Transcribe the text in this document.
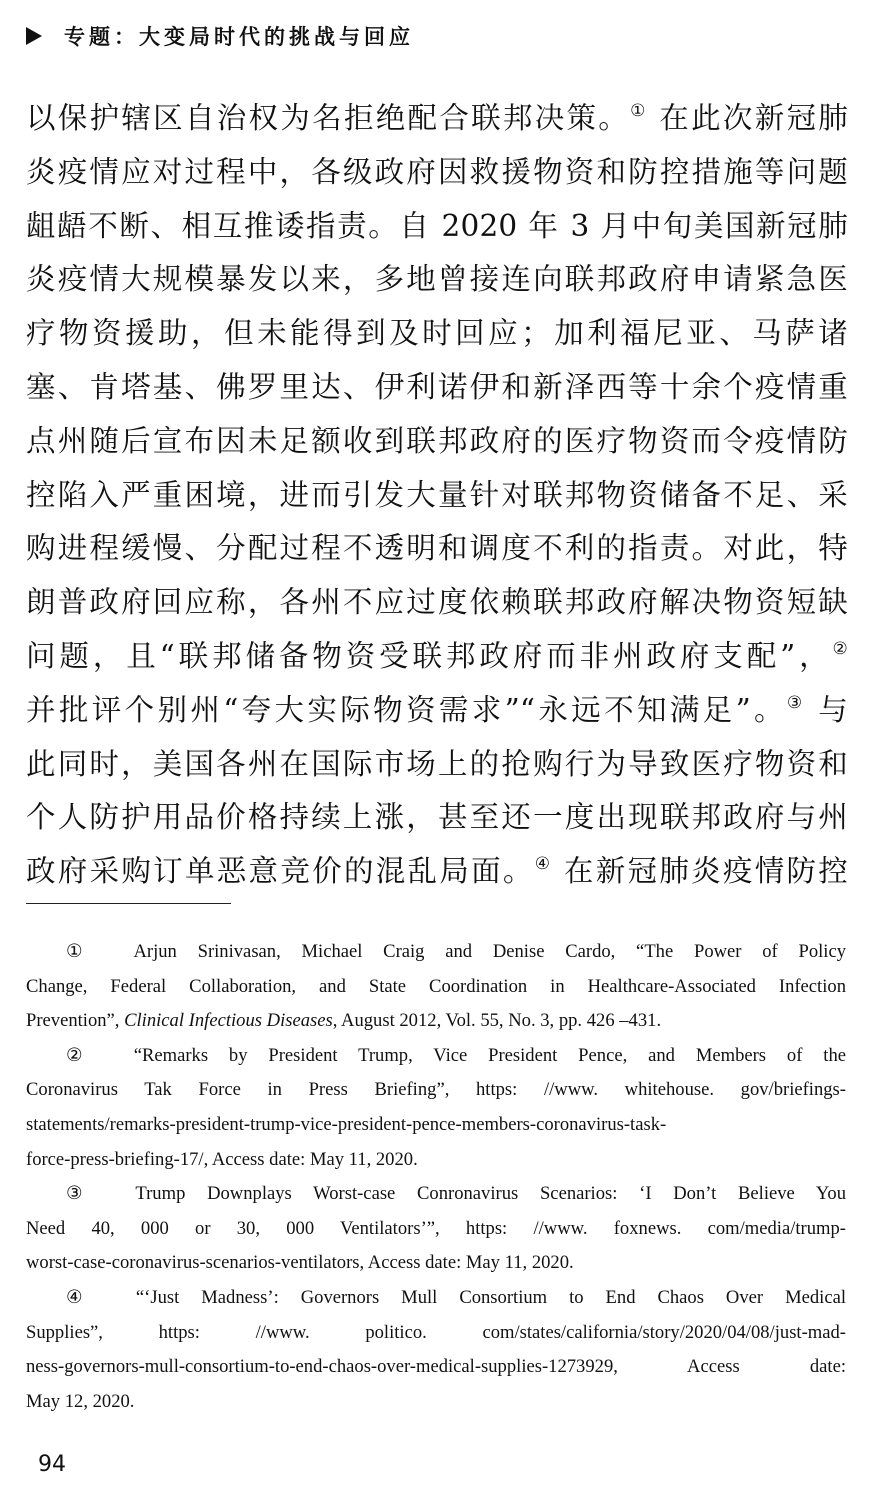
专题：大变局时代的挑战与回应
以保护辖区自治权为名拒绝配合联邦决策。① 在此次新冠肺
炎疫情应对过程中，各级政府因救援物资和防控措施等问题
龃龉不断、相互推诿指责。自 2020 年 3 月中旬美国新冠肺
炎疫情大规模暴发以来，多地曾接连向联邦政府申请紧急医
疗物资援助，但未能得到及时回应；加利福尼亚、马萨诸
塞、肯塔基、佛罗里达、伊利诺伊和新泽西等十余个疫情重
点州随后宣布因未足额收到联邦政府的医疗物资而令疫情防
控陷入严重困境，进而引发大量针对联邦物资储备不足、采
购进程缓慢、分配过程不透明和调度不利的指责。对此，特
朗普政府回应称，各州不应过度依赖联邦政府解决物资短缺
问题，且“联邦储备物资受联邦政府而非州政府支配”，②
并批评个别州“夸大实际物资需求”“永远不知满足”。③ 与
此同时，美国各州在国际市场上的抢购行为导致医疗物资和
个人防护用品价格持续上涨，甚至还一度出现联邦政府与州
政府采购订单恶意竞价的混乱局面。④ 在新冠肺炎疫情防控
①　Arjun Srinivasan, Michael Craig and Denise Cardo, “The Power of Policy
Change, Federal Collaboration, and State Coordination in Healthcare-Associated Infection
Prevention”, Clinical Infectious Diseases, August 2012, Vol. 55, No. 3, pp. 426 –431.
②　“Remarks by President Trump, Vice President Pence, and Members of the
Coronavirus Tak Force in Press Briefing”, https: //www. whitehouse. gov/briefings-
statements/remarks-president-trump-vice-president-pence-members-coronavirus-task-
force-press-briefing-17/, Access date: May 11, 2020.
③　Trump Downplays Worst-case Conronavirus Scenarios: ‘I Don’t Believe You
Need 40, 000 or 30, 000 Ventilators’”, https: //www. foxnews. com/media/trump-
worst-case-coronavirus-scenarios-ventilators, Access date: May 11, 2020.
④　“‘Just Madness’: Governors Mull Consortium to End Chaos Over Medical
Supplies”, https: //www. politico. com/states/california/story/2020/04/08/just-mad-
ness-governors-mull-consortium-to-end-chaos-over-medical-supplies-1273929, Access date:
May 12, 2020.
94
